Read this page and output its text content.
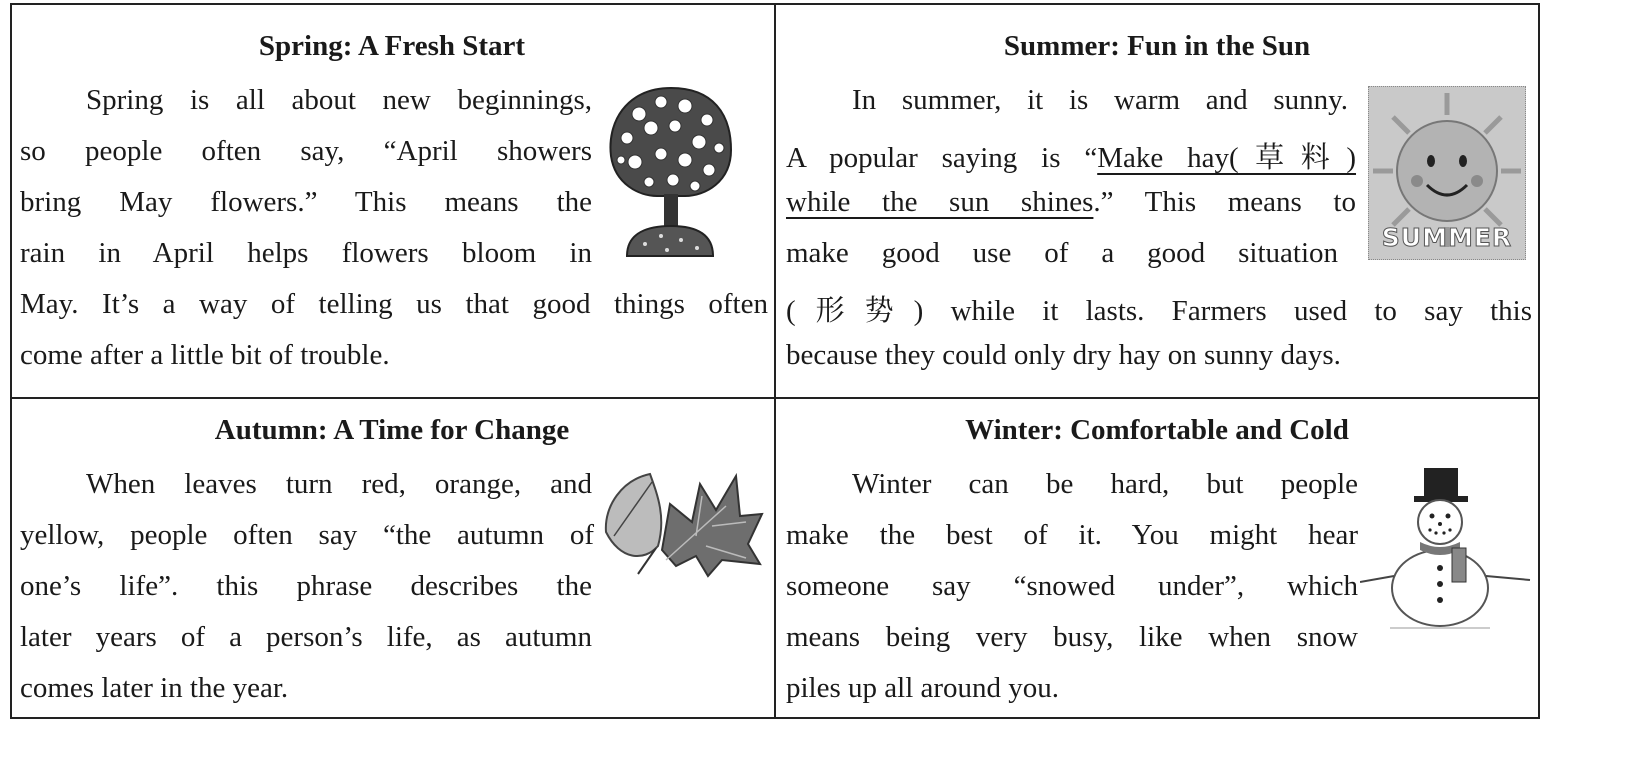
Spring: A Fresh Start
Spring is all about new beginnings,
so people often say, “April showers
bring May flowers.” This means the
rain in April helps flowers bloom in
May. It’s a way of telling us that good things often
come after a little bit of trouble.
Summer: Fun in the Sun
In summer, it is warm and sunny.
A popular saying is “Make hay(草料)
while the sun shines.” This means to
make good use of a good situation
(形势) while it lasts. Farmers used to say this
because they could only dry hay on sunny days.
SUMMER
Autumn: A Time for Change
When leaves turn red, orange, and
yellow, people often say “the autumn of
one’s life”. this phrase describes the
later years of a person’s life, as autumn
comes later in the year.
Winter: Comfortable and Cold
Winter can be hard, but people
make the best of it. You might hear
someone say “snowed under”, which
means being very busy, like when snow
piles up all around you.
